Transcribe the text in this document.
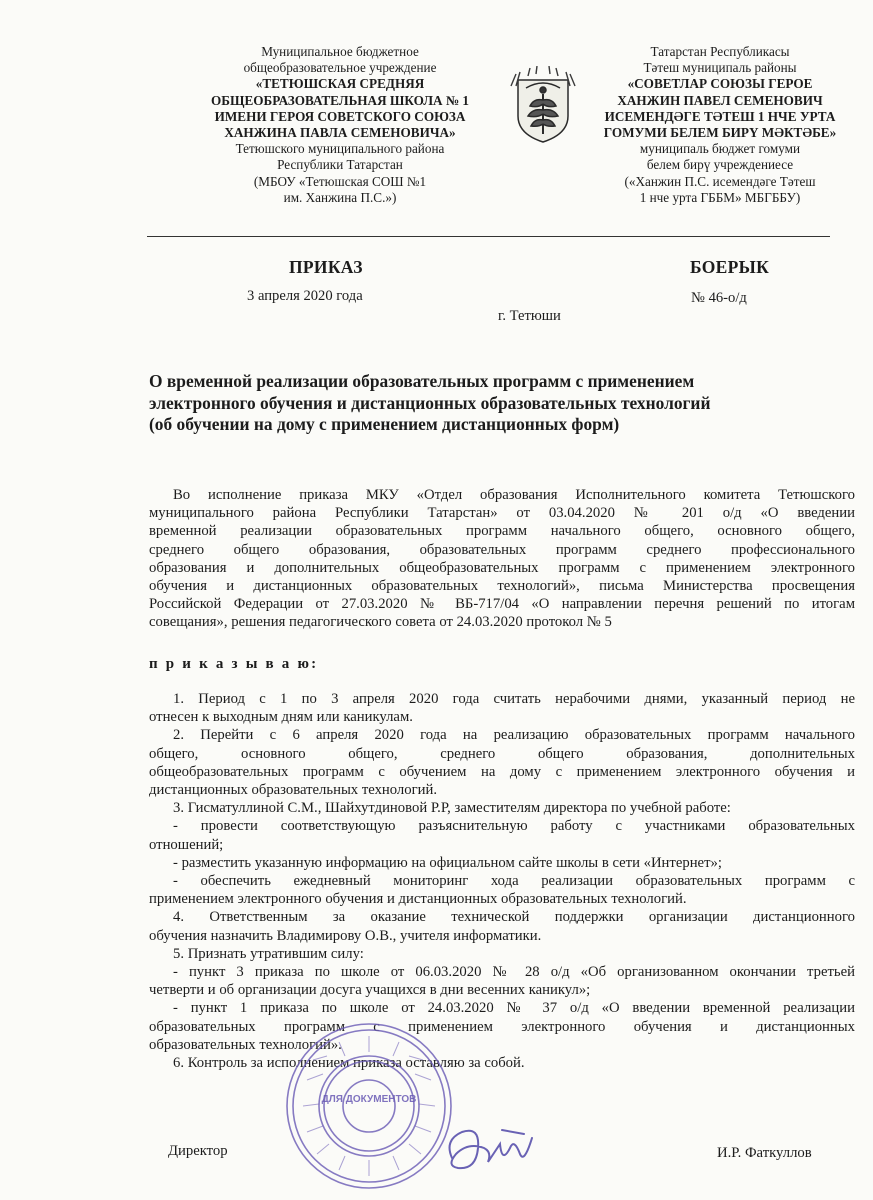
Муниципальное бюджетное
общеобразовательное учреждение
«ТЕТЮШСКАЯ СРЕДНЯЯ
ОБЩЕОБРАЗОВАТЕЛЬНАЯ ШКОЛА № 1
ИМЕНИ ГЕРОЯ СОВЕТСКОГО СОЮЗА
ХАНЖИНА ПАВЛА СЕМЕНОВИЧА»
Тетюшского муниципального района
Республики Татарстан
(МБОУ «Тетюшская СОШ №1
им. Ханжина П.С.»)
Татарстан Республикасы
Тәтеш муниципаль районы
«СОВЕТЛАР СОЮЗЫ ГЕРОЕ
ХАНЖИН ПАВЕЛ СЕМЕНОВИЧ
ИСЕМЕНДӘГЕ ТӘТЕШ 1 НЧЕ УРТА
ГОМУМИ БЕЛЕМ БИРҮ МӘКТӘБЕ»
муниципаль бюджет гомуми
белем бирү учреждениесе
(«Ханжин П.С. исемендәге Тәтеш
1 нче урта ГББМ» МБГББУ)
ПРИКАЗ	БОЕРЫК
3 апреля 2020 года	№ 46-о/д
г. Тетюши
О временной реализации образовательных программ с применением
электронного обучения и дистанционных образовательных технологий
(об обучении на дому с применением дистанционных форм)
Во исполнение приказа МКУ «Отдел образования Исполнительного комитета Тетюшского
муниципального района Республики Татарстан» от 03.04.2020 № 201 о/д «О введении
временной реализации образовательных программ начального общего, основного общего,
среднего общего образования, образовательных программ среднего профессионального
образования и дополнительных общеобразовательных программ с применением электронного
обучения и дистанционных образовательных технологий», письма Министерства просвещения
Российской Федерации от 27.03.2020 № ВБ-717/04 «О направлении перечня решений по итогам
совещания», решения педагогического совета от 24.03.2020 протокол № 5
п р и к а з ы в а ю:
1. Период с 1 по 3 апреля 2020 года считать нерабочими днями, указанный период не
отнесен к выходным дням или каникулам.
2. Перейти с 6 апреля 2020 года на реализацию образовательных программ начального
общего, основного общего, среднего общего образования, дополнительных
общеобразовательных программ с обучением на дому с применением электронного обучения и
дистанционных образовательных технологий.
3. Гисматуллиной С.М., Шайхутдиновой Р.Р, заместителям директора по учебной работе:
- провести соответствующую разъяснительную работу с участниками образовательных
отношений;
- разместить указанную информацию на официальном сайте школы в сети «Интернет»;
- обеспечить ежедневный мониторинг хода реализации образовательных программ с
применением электронного обучения и дистанционных образовательных технологий.
4. Ответственным за оказание технической поддержки организации дистанционного
обучения назначить Владимирову О.В., учителя информатики.
5. Признать утратившим силу:
- пункт 3 приказа по школе от 06.03.2020 № 28 о/д «Об организованном окончании третьей
четверти и об организации досуга учащихся в дни весенних каникул»;
- пункт 1 приказа по школе от 24.03.2020 № 37 о/д «О введении временной реализации
образовательных программ с применением электронного обучения и дистанционных
образовательных технологий».
6. Контроль за исполнением приказа оставляю за собой.
ДЛЯ ДОКУМЕНТОВ
Директор	И.Р. Фаткуллов
